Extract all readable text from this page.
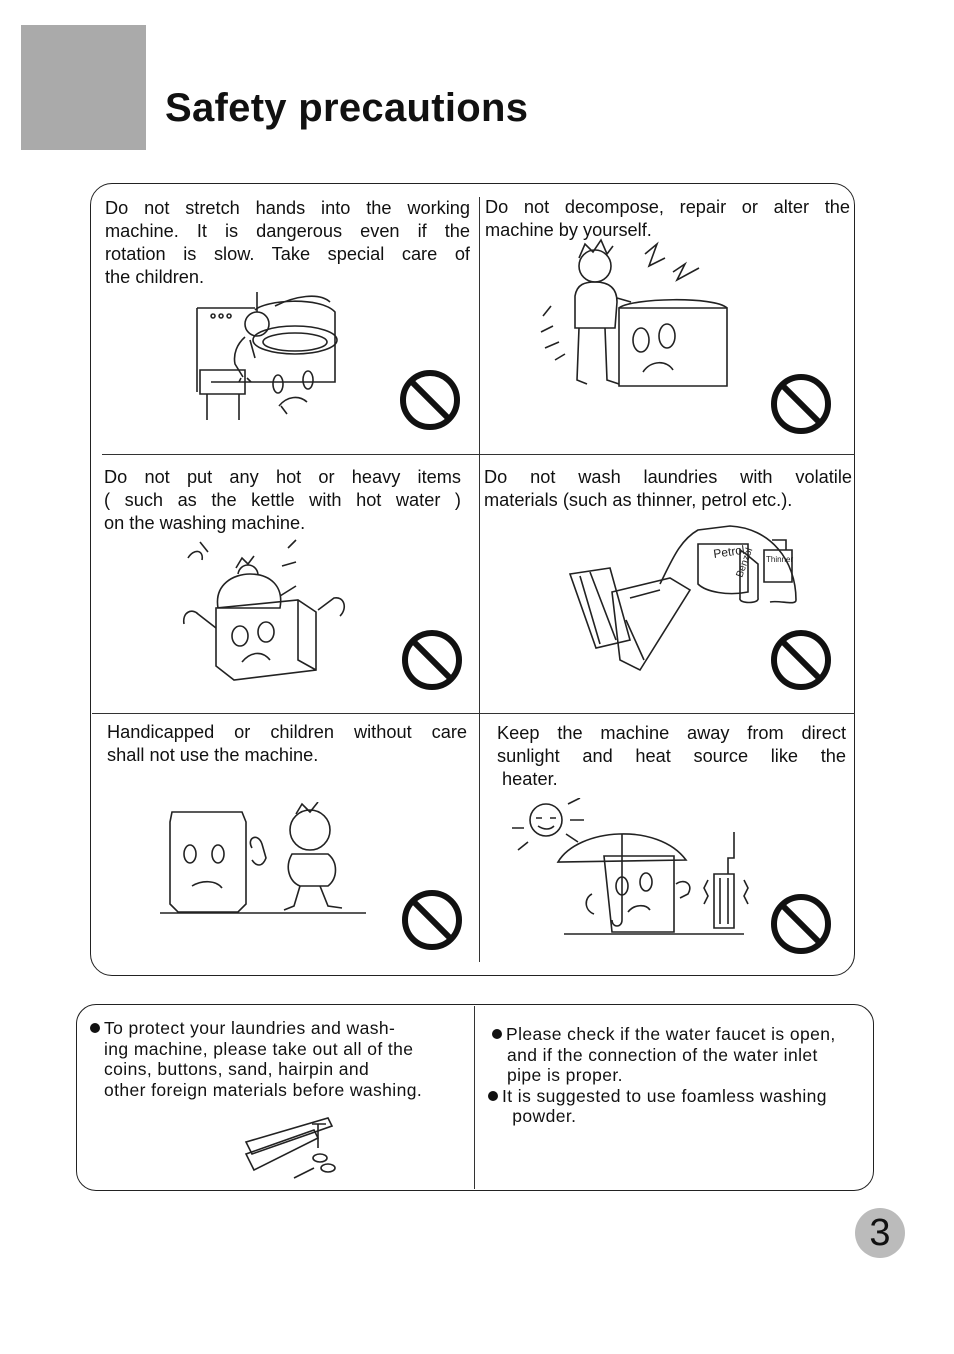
Safety precautions
Do not stretch hands into the working
machine. It is dangerous even if the
rotation is slow. Take special care of
the children.
Do not decompose, repair or alter the
machine by yourself.
Do not put any hot or heavy items
( such as the kettle with hot water )
on the washing machine.
Do not wash laundries with volatile
materials (such as thinner, petrol etc.).
Petrol
Benzol Thinner
Handicapped or children without care
shall not use the machine.
Keep the machine away from direct
sunlight and heat source like the
heater.
To protect your laundries and wash-
ing machine, please take out all of the
coins, buttons, sand, hairpin and
other foreign materials before washing.
Please check if the water faucet is open,
and if the connection of the water inlet
pipe is proper.
It is suggested to use foamless washing
powder.
3
